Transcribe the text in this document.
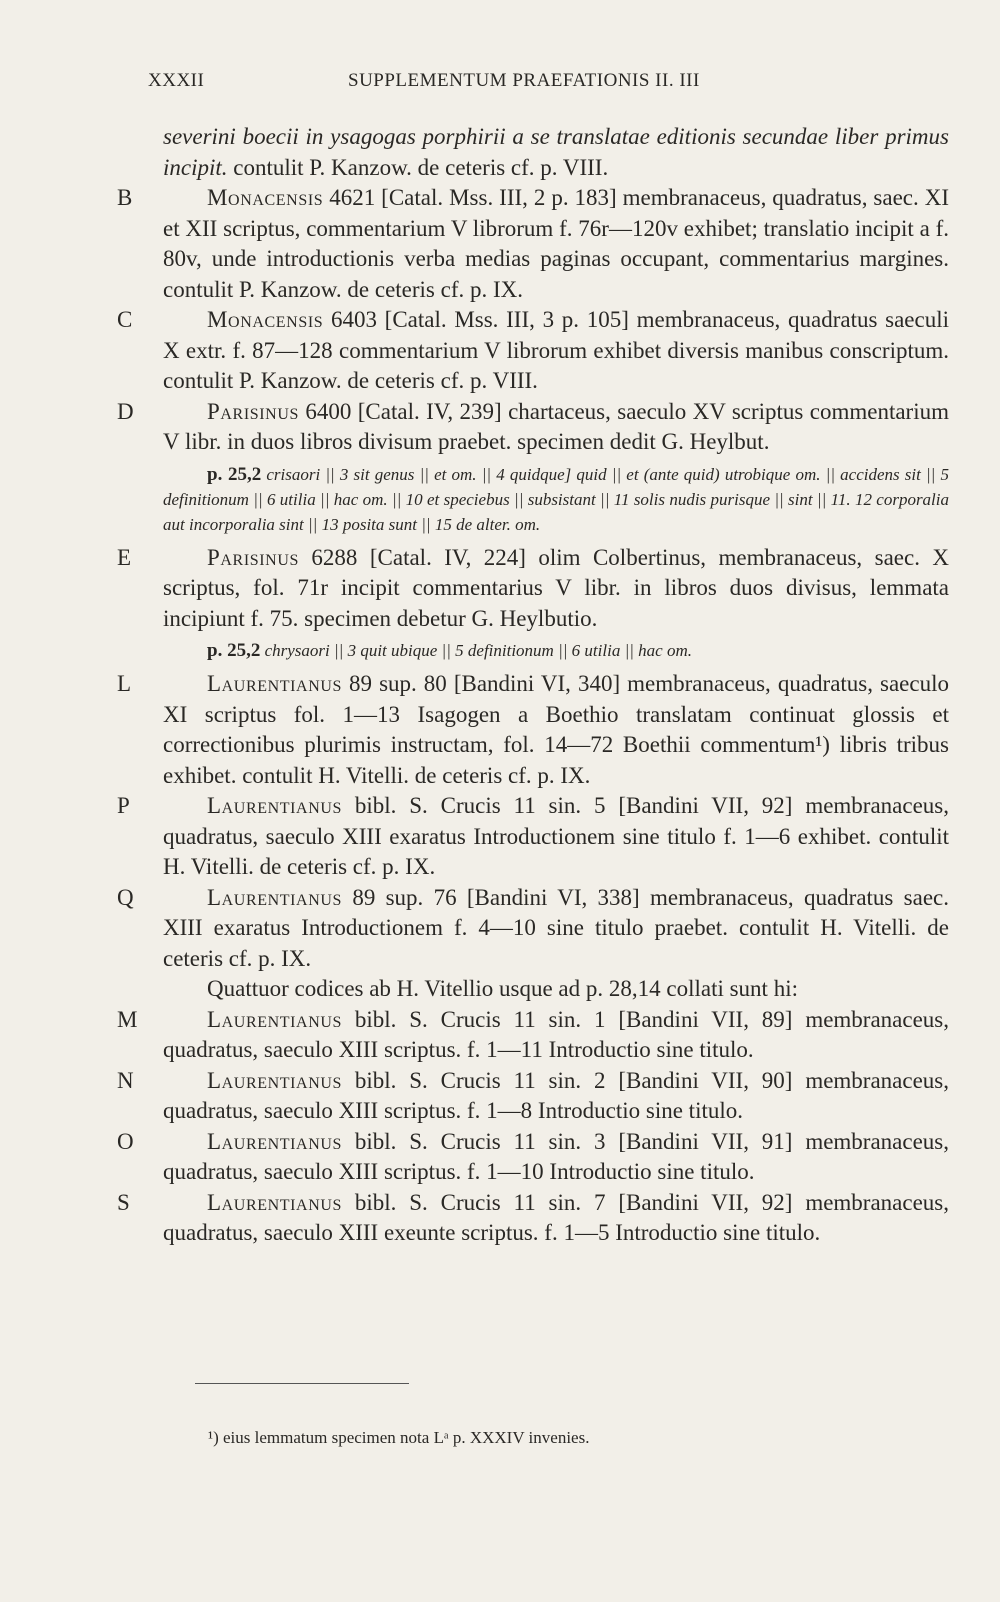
XXXII	SUPPLEMENTUM PRAEFATIONIS II. III

severini boecii in ysagogas porphirii a se translatae editionis secundae liber primus incipit. contulit P. Kanzow. de ceteris cf. p. VIII.

B	Monacensis 4621 [Catal. Mss. III, 2 p. 183] membranaceus, quadratus, saec. XI et XII scriptus, commentarium V librorum f. 76r—120v exhibet; translatio incipit a f. 80v, unde introductionis verba medias paginas occupant, commentarius margines. contulit P. Kanzow. de ceteris cf. p. IX.

C	Monacensis 6403 [Catal. Mss. III, 3 p. 105] membranaceus, quadratus saeculi X extr. f. 87—128 commentarium V librorum exhibet diversis manibus conscriptum. contulit P. Kanzow. de ceteris cf. p. VIII.

D	Parisinus 6400 [Catal. IV, 239] chartaceus, saeculo XV scriptus commentarium V libr. in duos libros divisum praebet. specimen dedit G. Heylbut.

p. 25,2 crisaori || 3 sit genus || et om. || 4 quidque] quid || et (ante quid) utrobique om. || accidens sit || 5 definitionum || 6 utilia || hac om. || 10 et speciebus || subsistant || 11 solis nudis purisque || sint || 11. 12 corporalia aut incorporalia sint || 13 posita sunt || 15 de alter. om.

E	Parisinus 6288 [Catal. IV, 224] olim Colbertinus, membranaceus, saec. X scriptus, fol. 71r incipit commentarius V libr. in libros duos divisus, lemmata incipiunt f. 75. specimen debetur G. Heylbutio.

p. 25,2 chrysaori || 3 quit ubique || 5 definitionum || 6 utilia || hac om.

L	Laurentianus 89 sup. 80 [Bandini VI, 340] membranaceus, quadratus, saeculo XI scriptus fol. 1—13 Isagogen a Boethio translatam continuat glossis et correctionibus plurimis instructam, fol. 14—72 Boethii commentum¹) libris tribus exhibet. contulit H. Vitelli. de ceteris cf. p. IX.

P	Laurentianus bibl. S. Crucis 11 sin. 5 [Bandini VII, 92] membranaceus, quadratus, saeculo XIII exaratus Introductionem sine titulo f. 1—6 exhibet. contulit H. Vitelli. de ceteris cf. p. IX.

Q	Laurentianus 89 sup. 76 [Bandini VI, 338] membranaceus, quadratus saec. XIII exaratus Introductionem f. 4—10 sine titulo praebet. contulit H. Vitelli. de ceteris cf. p. IX.

Quattuor codices ab H. Vitellio usque ad p. 28,14 collati sunt hi:

M	Laurentianus bibl. S. Crucis 11 sin. 1 [Bandini VII, 89] membranaceus, quadratus, saeculo XIII scriptus. f. 1—11 Introductio sine titulo.

N	Laurentianus bibl. S. Crucis 11 sin. 2 [Bandini VII, 90] membranaceus, quadratus, saeculo XIII scriptus. f. 1—8 Introductio sine titulo.

O	Laurentianus bibl. S. Crucis 11 sin. 3 [Bandini VII, 91] membranaceus, quadratus, saeculo XIII scriptus. f. 1—10 Introductio sine titulo.

S	Laurentianus bibl. S. Crucis 11 sin. 7 [Bandini VII, 92] membranaceus, quadratus, saeculo XIII exeunte scriptus. f. 1—5 Introductio sine titulo.

¹) eius lemmatum specimen nota Lᵃ p. XXXIV invenies.
